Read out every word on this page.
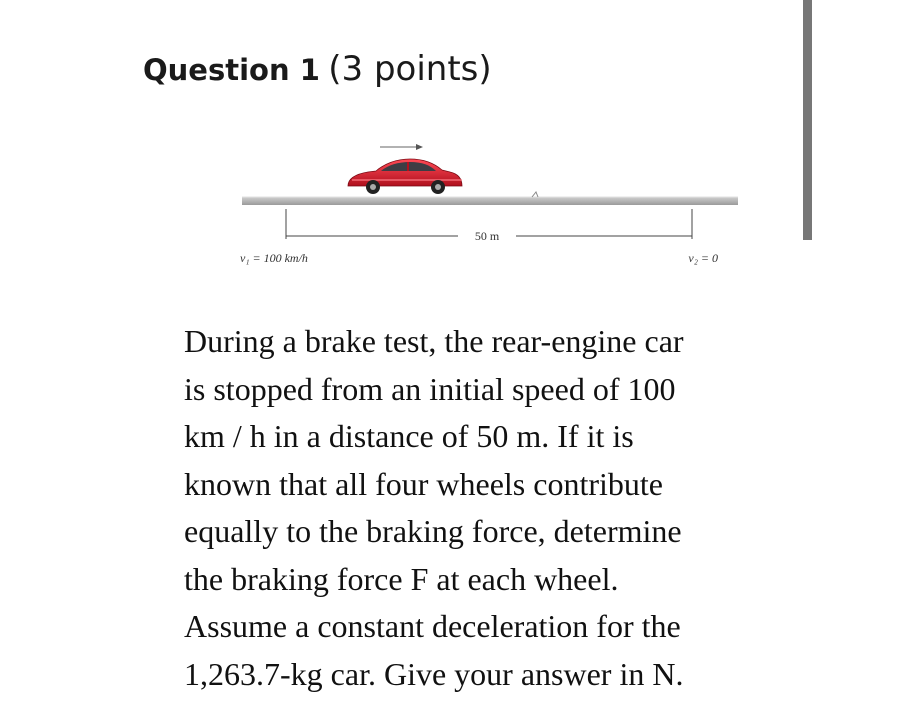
Question 1 (3 points)
50 m
v₁ = 100 km/h	v₂ = 0

During a brake test, the rear-engine car
is stopped from an initial speed of 100
km / h in a distance of 50 m. If it is
known that all four wheels contribute
equally to the braking force, determine
the braking force F at each wheel.
Assume a constant deceleration for the
1,263.7-kg car. Give your answer in N.
